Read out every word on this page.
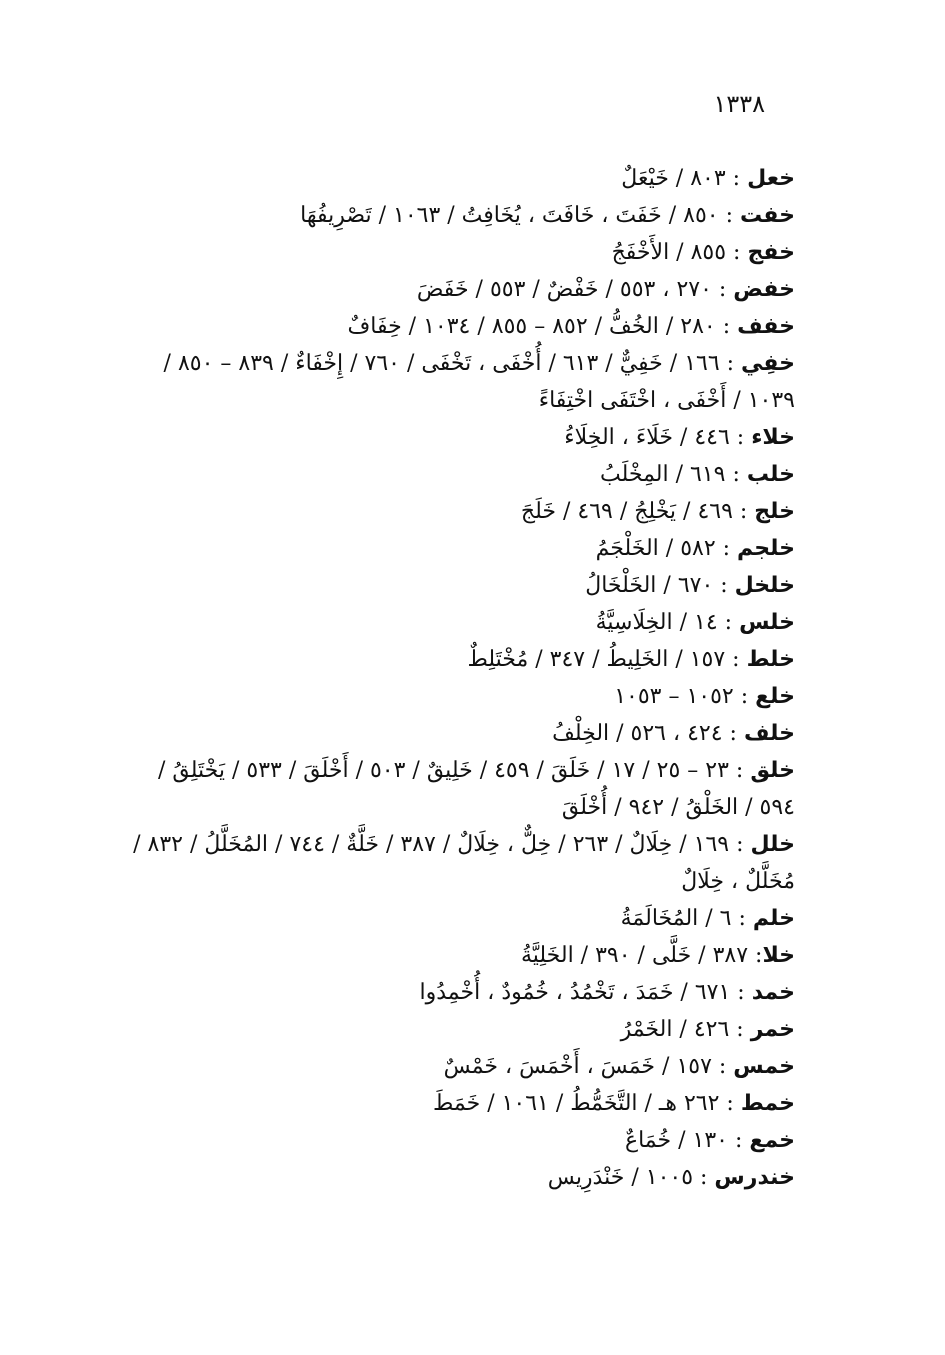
١٣٣٨
خعل : ٨٠٣ / خَيْعَلٌ
خفت : ٨٥٠ / خَفَتَ ، خَافَتَ ، يُخَافِتُ / ١٠٦٣ / تَصْرِيفُهَا
خفج : ٨٥٥ / الأَخْفَجُ
خفض : ٢٧٠ ، ٥٥٣ / خَفْضٌ / ٥٥٣ / خَفَضَ
خفف : ٢٨٠ / الخُفُّ / ٨٥٢ – ٨٥٥ / ١٠٣٤ / خِفَافٌ
خفِي : ١٦٦ / خَفِيٌّ / ٦١٣ / أُخْفَى ، تَخْفَى / ٧٦٠ / إِخْفَاءٌ / ٨٣٩ – ٨٥٠ / ١٠٣٩ / أَخْفَى ، اخْتَفَى اخْتِفَاءً
خلاء : ٤٤٦ / خَلَاءَ ، الخِلَاءُ
خلب : ٦١٩ / المِخْلَبُ
خلج : ٤٦٩ / يَخْلِجُ / ٤٦٩ / خَلَجَ
خلجم : ٥٨٢ / الخَلْجَمُ
خلخل : ٦٧٠ / الخَلْخَالُ
خلس : ١٤ / الخِلَاسِيَّةُ
خلط : ١٥٧ / الخَلِيطُ / ٣٤٧ / مُخْتَلِطٌ
خلع : ١٠٥٢ – ١٠٥٣
خلف : ٤٢٤ ، ٥٢٦ / الخِلْفُ
خلق : ٢٣ – ٢٥ / ١٧ / خَلَقَ / ٤٥٩ / خَلِيقٌ / ٥٠٣ / أَخْلَقَ / ٥٣٣ / يَخْتَلِقُ / ٥٩٤ / الخَلْقُ / ٩٤٢ / أُخْلَقَ
خلل : ١٦٩ / خِلَالٌ / ٢٦٣ / خِلٌّ ، خِلَالٌ / ٣٨٧ / خَلَّةٌ / ٧٤٤ / المُخَلَّلُ / ٨٣٢ / مُخَلَّلٌ ، خِلَالٌ
خلم : ٦ / المُخَالَمَةُ
خلا: ٣٨٧ / خَلَّى / ٣٩٠ / الخَلِيَّةُ
خمد : ٦٧١ / خَمَدَ ، تَخْمُدُ ، خُمُودٌ ، أُخْمِدُوا
خمر : ٤٢٦ / الخَمْرُ
خمس : ١٥٧ / خَمَسَ ، أَخْمَسَ ، خَمْسٌ
خمط : ٢٦٢ هـ / التَّخَمُّطُ / ١٠٦١ / خَمَطَ
خمع : ١٣٠ / خُمَاعٌ
خندرس : ١٠٠٥ / خَنْدَرِيس
